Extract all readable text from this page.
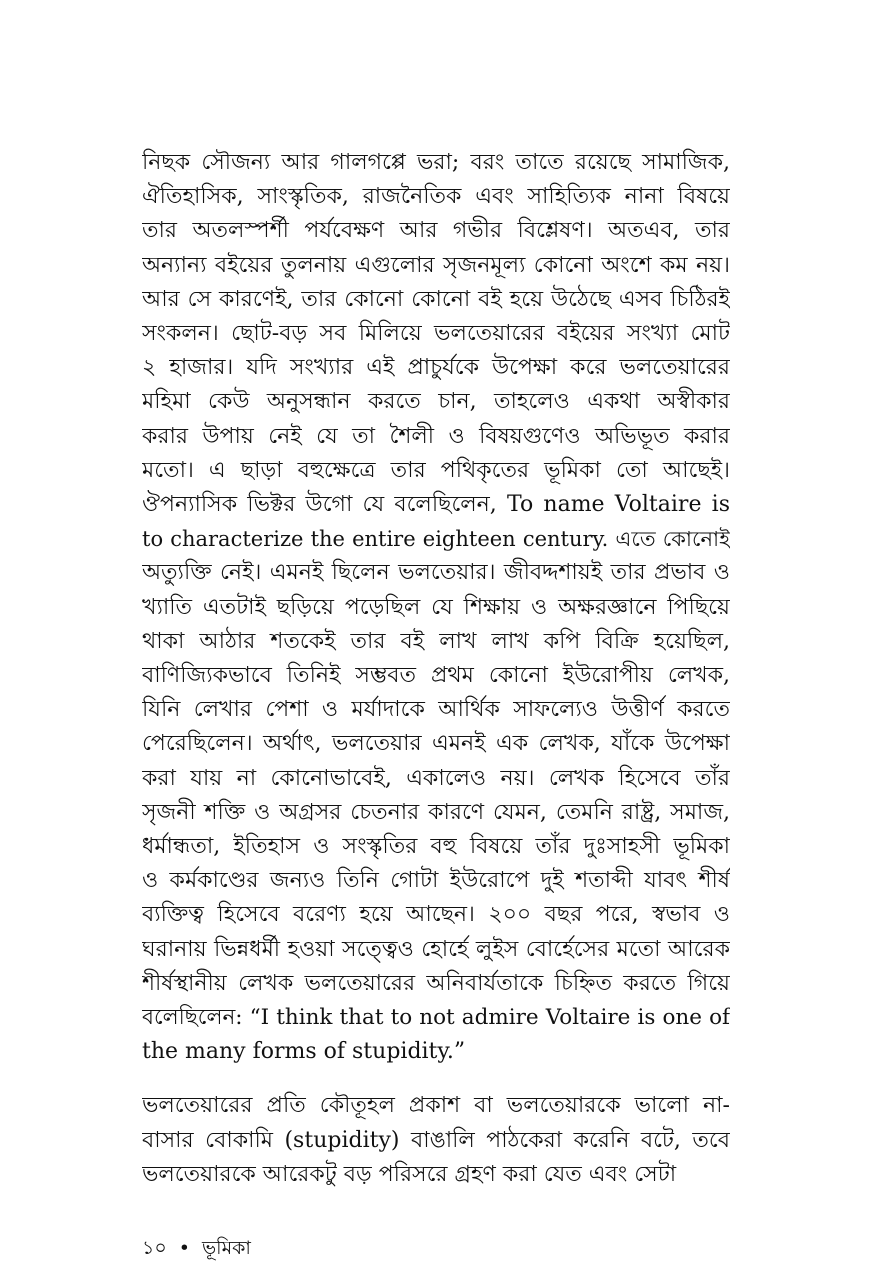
নিছক সৌজন্য আর গালগপ্পে ভরা; বরং তাতে রয়েছে সামাজিক,
ঐতিহাসিক, সাংস্কৃতিক, রাজনৈতিক এবং সাহিত্যিক নানা বিষয়ে
তার অতলস্পর্শী পর্যবেক্ষণ আর গভীর বিশ্লেষণ। অতএব, তার
অন্যান্য বইয়ের তুলনায় এগুলোর সৃজনমূল্য কোনো অংশে কম নয়।
আর সে কারণেই, তার কোনো কোনো বই হয়ে উঠেছে এসব চিঠিরই
সংকলন। ছোট-বড় সব মিলিয়ে ভলতেয়ারের বইয়ের সংখ্যা মোট
২ হাজার। যদি সংখ্যার এই প্রাচুর্যকে উপেক্ষা করে ভলতেয়ারের
মহিমা কেউ অনুসন্ধান করতে চান, তাহলেও একথা অস্বীকার
করার উপায় নেই যে তা শৈলী ও বিষয়গুণেও অভিভূত করার
মতো। এ ছাড়া বহুক্ষেত্রে তার পথিকৃতের ভূমিকা তো আছেই।
ঔপন্যাসিক ভিক্টর উগো যে বলেছিলেন, To name Voltaire is
to characterize the entire eighteen century. এতে কোনোই
অত্যুক্তি নেই। এমনই ছিলেন ভলতেয়ার। জীবদ্দশায়ই তার প্রভাব ও
খ্যাতি এতটাই ছড়িয়ে পড়েছিল যে শিক্ষায় ও অক্ষরজ্ঞানে পিছিয়ে
থাকা আঠার শতকেই তার বই লাখ লাখ কপি বিক্রি হয়েছিল,
বাণিজ্যিকভাবে তিনিই সম্ভবত প্রথম কোনো ইউরোপীয় লেখক,
যিনি লেখার পেশা ও মর্যাদাকে আর্থিক সাফল্যেও উত্তীর্ণ করতে
পেরেছিলেন। অর্থাৎ, ভলতেয়ার এমনই এক লেখক, যাঁকে উপেক্ষা
করা যায় না কোনোভাবেই, একালেও নয়। লেখক হিসেবে তাঁর
সৃজনী শক্তি ও অগ্রসর চেতনার কারণে যেমন, তেমনি রাষ্ট্র, সমাজ,
ধর্মান্ধতা, ইতিহাস ও সংস্কৃতির বহু বিষয়ে তাঁর দুঃসাহসী ভূমিকা
ও কর্মকাণ্ডের জন্যও তিনি গোটা ইউরোপে দুই শতাব্দী যাবৎ শীর্ষ
ব্যক্তিত্ব হিসেবে বরেণ্য হয়ে আছেন। ২০০ বছর পরে, স্বভাব ও
ঘরানায় ভিন্নধর্মী হওয়া সত্ত্বেও হোর্হে লুইস বোর্হেসের মতো আরেক
শীর্ষস্থানীয় লেখক ভলতেয়ারের অনিবার্যতাকে চিহ্নিত করতে গিয়ে
বলেছিলেন: “I think that to not admire Voltaire is one of
the many forms of stupidity.”
ভলতেয়ারের প্রতি কৌতূহল প্রকাশ বা ভলতেয়ারকে ভালো না-
বাসার বোকামি (stupidity) বাঙালি পাঠকেরা করেনি বটে, তবে
ভলতেয়ারকে আরেকটু বড় পরিসরে গ্রহণ করা যেত এবং সেটা
১০ • ভূমিকা
